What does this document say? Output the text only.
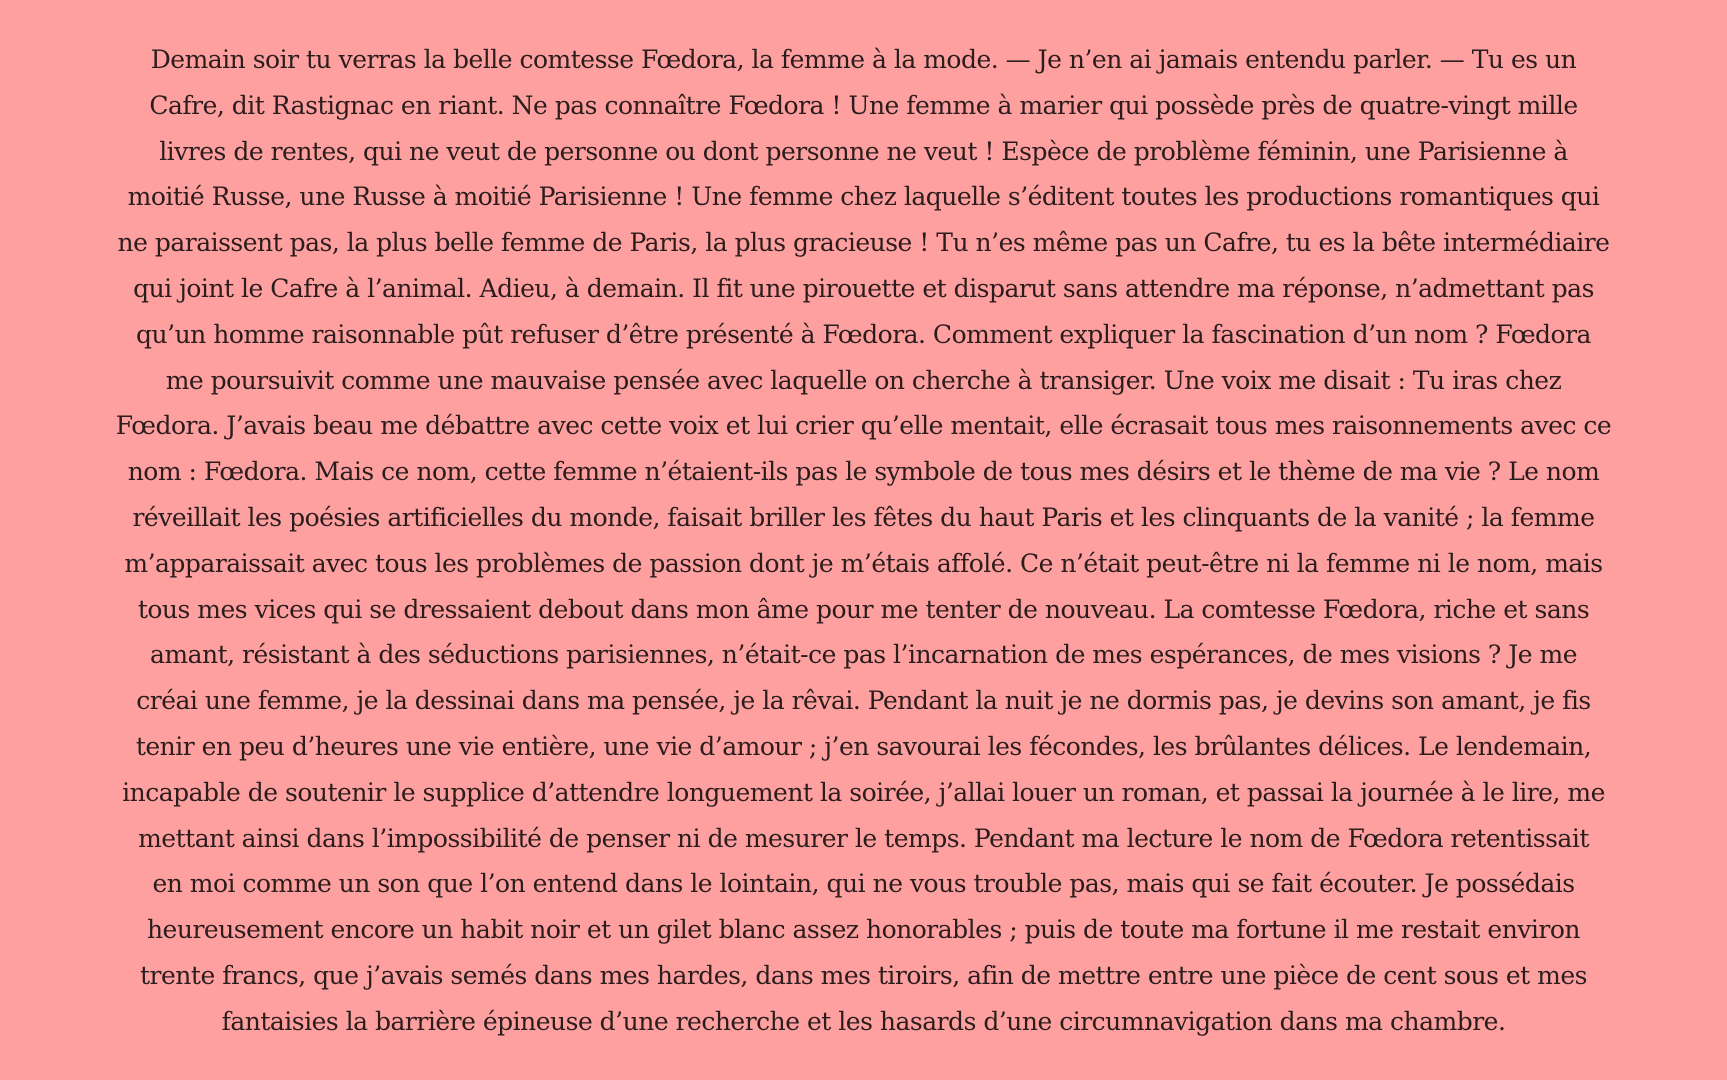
Demain soir tu verras la belle comtesse Fœdora, la femme à la mode. — Je n’en ai jamais entendu parler. — Tu es un
Cafre, dit Rastignac en riant. Ne pas connaître Fœdora ! Une femme à marier qui possède près de quatre-vingt mille
livres de rentes, qui ne veut de personne ou dont personne ne veut ! Espèce de problème féminin, une Parisienne à
moitié Russe, une Russe à moitié Parisienne ! Une femme chez laquelle s’éditent toutes les productions romantiques qui
ne paraissent pas, la plus belle femme de Paris, la plus gracieuse ! Tu n’es même pas un Cafre, tu es la bête intermédiaire
qui joint le Cafre à l’animal. Adieu, à demain. Il fit une pirouette et disparut sans attendre ma réponse, n’admettant pas
qu’un homme raisonnable pût refuser d’être présenté à Fœdora. Comment expliquer la fascination d’un nom ? Fœdora
me poursuivit comme une mauvaise pensée avec laquelle on cherche à transiger. Une voix me disait : Tu iras chez
Fœdora. J’avais beau me débattre avec cette voix et lui crier qu’elle mentait, elle écrasait tous mes raisonnements avec ce
nom : Fœdora. Mais ce nom, cette femme n’étaient-ils pas le symbole de tous mes désirs et le thème de ma vie ? Le nom
réveillait les poésies artificielles du monde, faisait briller les fêtes du haut Paris et les clinquants de la vanité ; la femme
m’apparaissait avec tous les problèmes de passion dont je m’étais affolé. Ce n’était peut-être ni la femme ni le nom, mais
tous mes vices qui se dressaient debout dans mon âme pour me tenter de nouveau. La comtesse Fœdora, riche et sans
amant, résistant à des séductions parisiennes, n’était-ce pas l’incarnation de mes espérances, de mes visions ? Je me
créai une femme, je la dessinai dans ma pensée, je la rêvai. Pendant la nuit je ne dormis pas, je devins son amant, je fis
tenir en peu d’heures une vie entière, une vie d’amour ; j’en savourai les fécondes, les brûlantes délices. Le lendemain,
incapable de soutenir le supplice d’attendre longuement la soirée, j’allai louer un roman, et passai la journée à le lire, me
mettant ainsi dans l’impossibilité de penser ni de mesurer le temps. Pendant ma lecture le nom de Fœdora retentissait
en moi comme un son que l’on entend dans le lointain, qui ne vous trouble pas, mais qui se fait écouter. Je possédais
heureusement encore un habit noir et un gilet blanc assez honorables ; puis de toute ma fortune il me restait environ
trente francs, que j’avais semés dans mes hardes, dans mes tiroirs, afin de mettre entre une pièce de cent sous et mes
fantaisies la barrière épineuse d’une recherche et les hasards d’une circumnavigation dans ma chambre.
